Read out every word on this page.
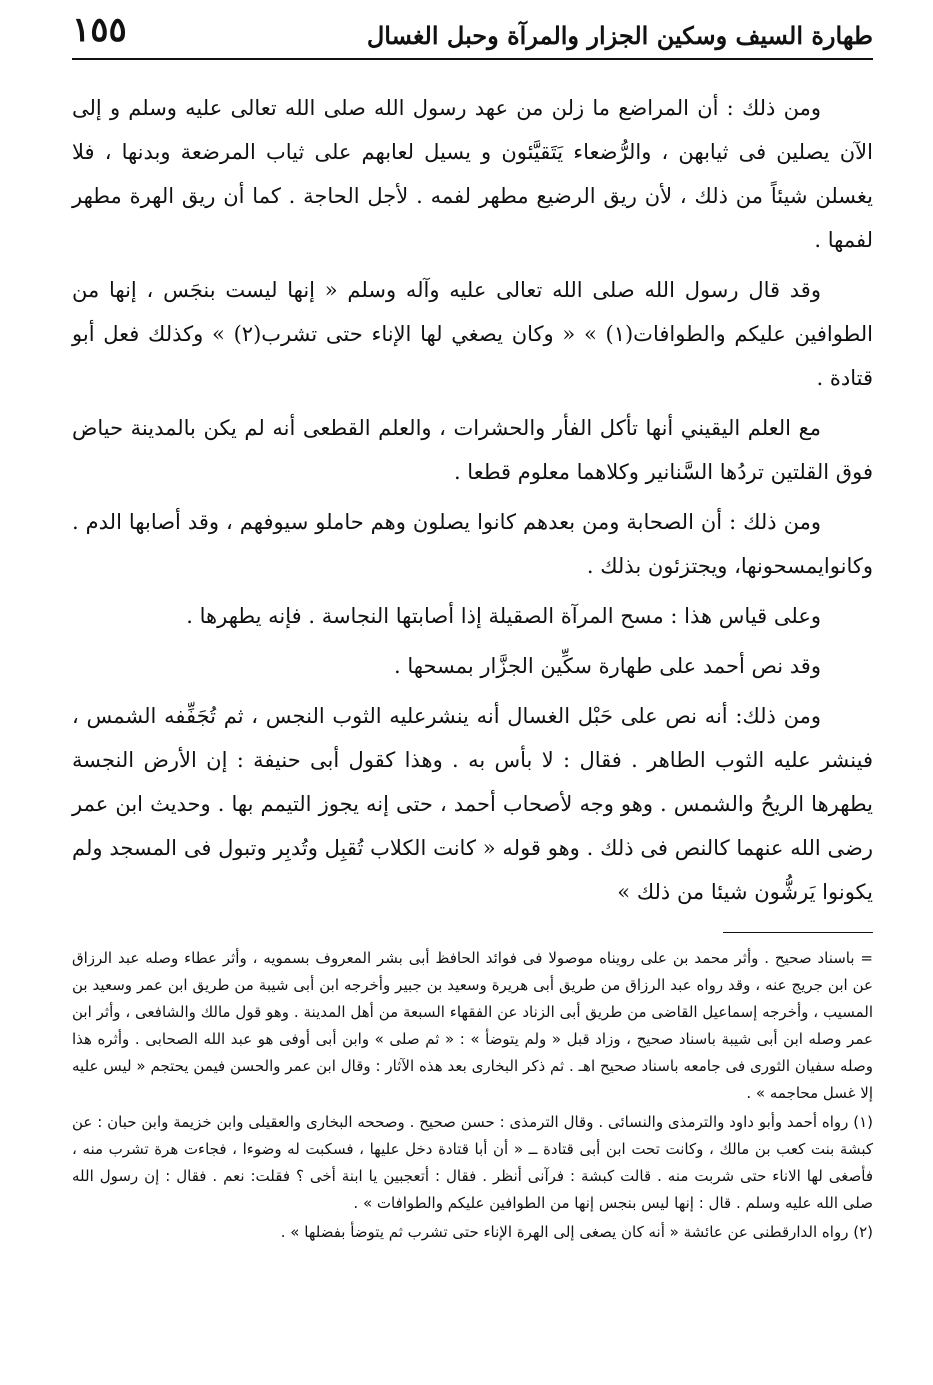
طهارة السيف وسكين الجزار والمرآة وحبل الغسال
١٥٥

ومن ذلك : أن المراضع ما زلن من عهد رسول الله صلى الله تعالى عليه وسلم و إلى الآن يصلين فى ثيابهن ، والرُّضعاء يَتَقيَّئون و يسيل لعابهم على ثياب المرضعة وبدنها ، فلا يغسلن شيئاً من ذلك ، لأن ريق الرضيع مطهر لفمه . لأجل الحاجة . كما أن ريق الهرة مطهر لفمها .

وقد قال رسول الله صلى الله تعالى عليه وآله وسلم « إنها ليست بنجَس ، إنها من الطوافين عليكم والطوافات(١) » « وكان يصغي لها الإناء حتى تشرب(٢) » وكذلك فعل أبو قتادة .

مع العلم اليقيني أنها تأكل الفأر والحشرات ، والعلم القطعى أنه لم يكن بالمدينة حياض فوق القلتين تردُها السَّنانير وكلاهما معلوم قطعا .

ومن ذلك : أن الصحابة ومن بعدهم كانوا يصلون وهم حاملو سيوفهم ، وقد أصابها الدم . وكانوايمسحونها، ويجتزئون بذلك .

وعلى قياس هذا : مسح المرآة الصقيلة إذا أصابتها النجاسة . فإنه يطهرها .

وقد نص أحمد على طهارة سكِّين الجزَّار بمسحها .

ومن ذلك: أنه نص على حَبْل الغسال أنه ينشرعليه الثوب النجس ، ثم تُجَفِّفه الشمس ، فينشر عليه الثوب الطاهر . فقال : لا بأس به . وهذا كقول أبى حنيفة : إن الأرض النجسة يطهرها الريحُ والشمس . وهو وجه لأصحاب أحمد ، حتى إنه يجوز التيمم بها . وحديث ابن عمر رضى الله عنهما كالنص فى ذلك . وهو قوله « كانت الكلاب تُقبِل وتُدبِر وتبول فى المسجد ولم يكونوا يَرشُّون شيئا من ذلك »

= باسناد صحيح . وأثر محمد بن على رويناه موصولا فى فوائد الحافظ أبى بشر المعروف بسمويه ، وأثر عطاء وصله عبد الرزاق عن ابن جريج عنه ، وقد رواه عبد الرزاق من طريق أبى هريرة وسعيد بن جبير وأخرجه ابن أبى شيبة من طريق ابن عمر وسعيد بن المسيب ، وأخرجه إسماعيل القاضى من طريق أبى الزناد عن الفقهاء السبعة من أهل المدينة . وهو قول مالك والشافعى ، وأثر ابن عمر وصله ابن أبى شيبة باسناد صحيح ، وزاد قبل « ولم يتوضأ » : « ثم صلى » وابن أبى أوفى هو عبد الله الصحابى . وأثره هذا وصله سفيان الثورى فى جامعه باسناد صحيح اهـ . ثم ذكر البخارى بعد هذه الآثار : وقال ابن عمر والحسن فيمن يحتجم « ليس عليه إلا غسل محاجمه » .

(١) رواه أحمد وأبو داود والترمذى والنسائى . وقال الترمذى : حسن صحيح . وصححه البخارى والعقيلى وابن خزيمة وابن حبان : عن كبشة بنت كعب بن مالك ، وكانت تحت ابن أبى قتادة ــ « أن أبا قتادة دخل عليها ، فسكبت له وضوءا ، فجاءت هرة تشرب منه ، فأصغى لها الاناء حتى شربت منه . قالت كبشة : فرآنى أنظر . فقال : أتعجبين يا ابنة أخى ؟ فقلت: نعم . فقال : إن رسول الله صلى الله عليه وسلم . قال : إنها ليس بنجس إنها من الطوافين عليكم والطوافات » .

(٢) رواه الدارقطنى عن عائشة « أنه كان يصغى إلى الهرة الإناء حتى تشرب ثم يتوضأ بفضلها » .
